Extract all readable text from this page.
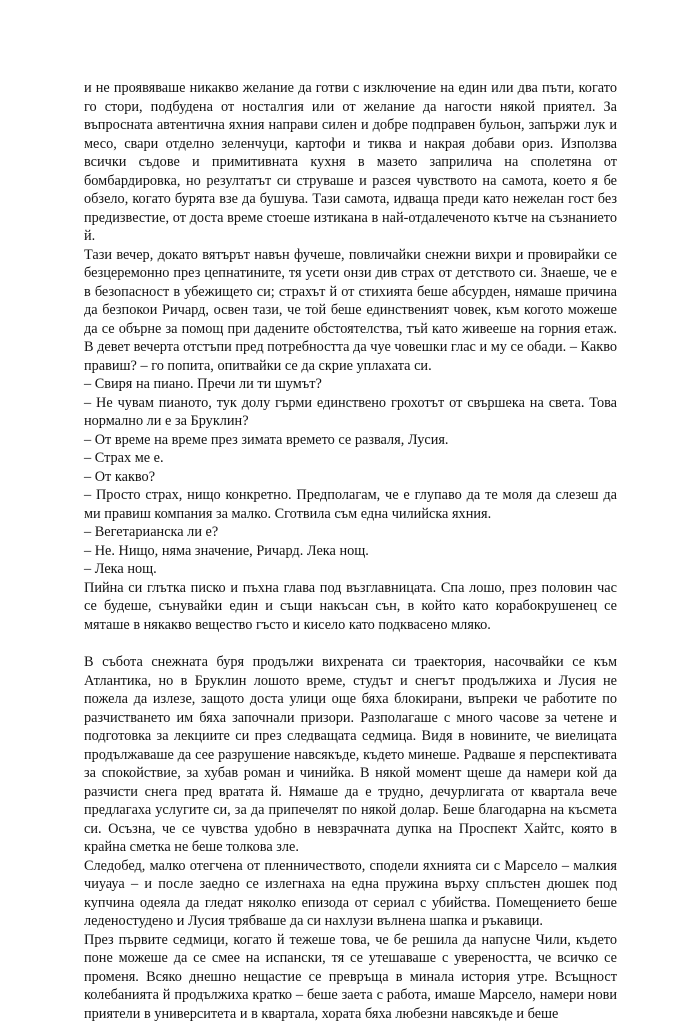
и не проявяваше никакво желание да готви с изключение на един или два пъти, когато го стори, подбудена от носталгия или от желание да нагости някой приятел. За въпросната автентична яхния направи силен и добре подправен бульон, запържи лук и месо, свари отделно зеленчуци, картофи и тиква и накрая добави ориз. Използва всички съдове и примитивната кухня в мазето заприлича на сполетяна от бомбардировка, но резултатът си струваше и разсея чувството на самота, което я бе обзело, когато бурята взе да бушува. Тази самота, идваща преди като нежелан гост без предизвестие, от доста време стоеше изтикана в най-отдалеченото кътче на съзнанието й.

Тази вечер, докато вятърът навън фучеше, повличайки снежни вихри и провирайки се безцеремонно през цепнатините, тя усети онзи див страх от детството си. Знаеше, че е в безопасност в убежището си; страхът й от стихията беше абсурден, нямаше причина да безпокои Ричард, освен тази, че той беше единственият човек, към когото можеше да се обърне за помощ при дадените обстоятелства, тъй като живееше на горния етаж. В девет вечерта отстъпи пред потребността да чуе човешки глас и му се обади. – Какво правиш? – го попита, опитвайки се да скрие уплахата си.

– Свиря на пиано. Пречи ли ти шумът?

– Не чувам пианото, тук долу гърми единствено грохотът от свършека на света. Това нормално ли е за Бруклин?

– От време на време през зимата времето се разваля, Лусия.

– Страх ме е.

– От какво?

– Просто страх, нищо конкретно. Предполагам, че е глупаво да те моля да слезеш да ми правиш компания за малко. Сготвила съм една чилийска яхния.

– Вегетарианска ли е?

– Не. Нищо, няма значение, Ричард. Лека нощ.

– Лека нощ.

Пийна си глътка писко и пъхна глава под възглавницата. Спа лошо, през половин час се будеше, сънувайки един и същи накъсан сън, в който като корабокрушенец се мяташе в някакво вещество гъсто и кисело като подквасено мляко.

В събота снежната буря продължи вихрената си траектория, насочвайки се към Атлантика, но в Бруклин лошото време, студът и снегът продължиха и Лусия не пожела да излезе, защото доста улици още бяха блокирани, въпреки че работите по разчистването им бяха започнали призори. Разполагаше с много часове за четене и подготовка за лекциите си през следващата седмица. Видя в новините, че виелицата продължаваше да сее разрушение навсякъде, където минеше. Радваше я перспективата за спокойствие, за хубав роман и чинийка. В някой момент щеше да намери кой да разчисти снега пред вратата й. Нямаше да е трудно, дечурлигата от квартала вече предлагаха услугите си, за да припечелят по някой долар. Беше благодарна на късмета си. Осъзна, че се чувства удобно в невзрачната дупка на Проспект Хайтс, която в крайна сметка не беше толкова зле.

Следобед, малко отегчена от пленничеството, сподели яхнията си с Марсело – малкия чиуауа – и после заедно се излегнаха на една пружина върху сплъстен дюшек под купчина одеяла да гледат няколко епизода от сериал с убийства. Помещението беше леденостудено и Лусия трябваше да си нахлузи вълнена шапка и ръкавици.

През първите седмици, когато й тежеше това, че бе решила да напусне Чили, където поне можеше да се смее на испански, тя се утешаваше с увереността, че всичко се променя. Всяко днешно нещастие се превръща в минала история утре. Всъщност колебанията й продължиха кратко – беше заета с работа, имаше Марсело, намери нови приятели в университета и в квартала, хората бяха любезни навсякъде и беше
